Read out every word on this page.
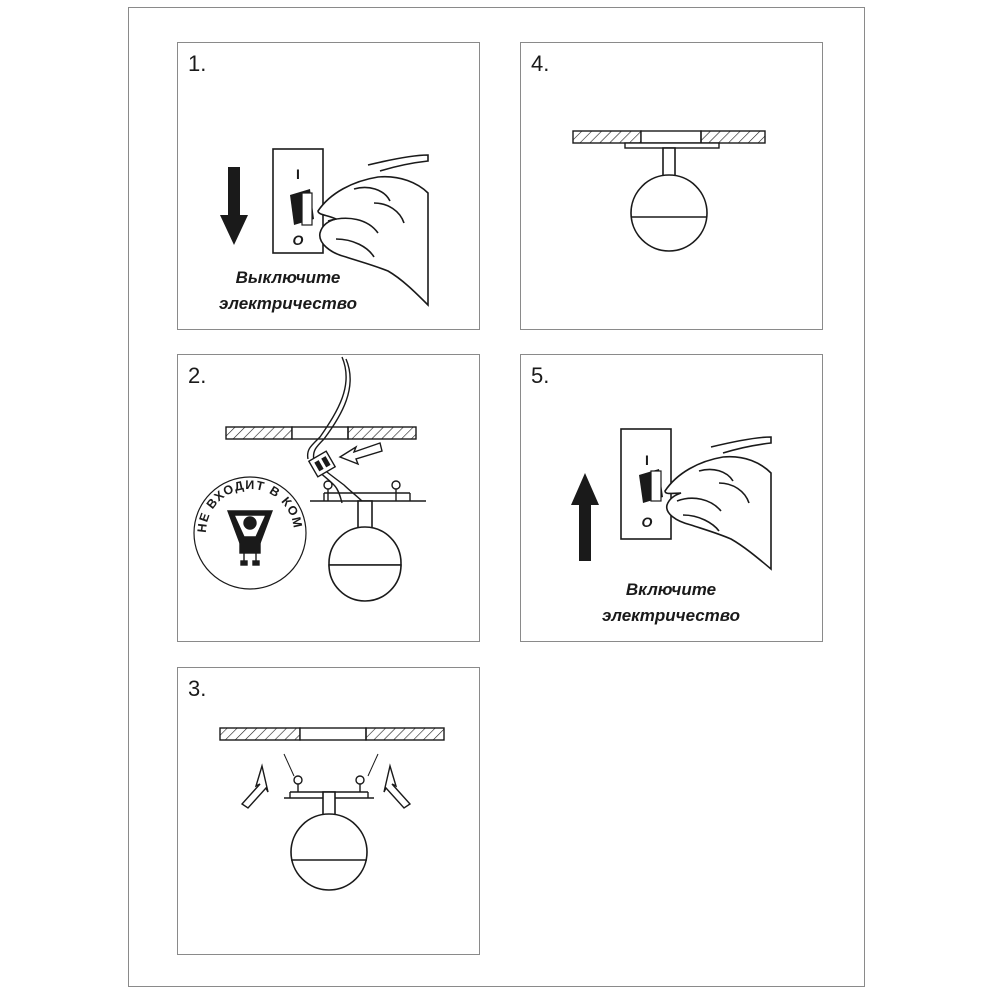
1.
I
O
Выключите
электричество
2.
НЕ ВХОДИТ В КОМПЛЕКТ
3.
4.
5.
I
O
Включите
электричество
